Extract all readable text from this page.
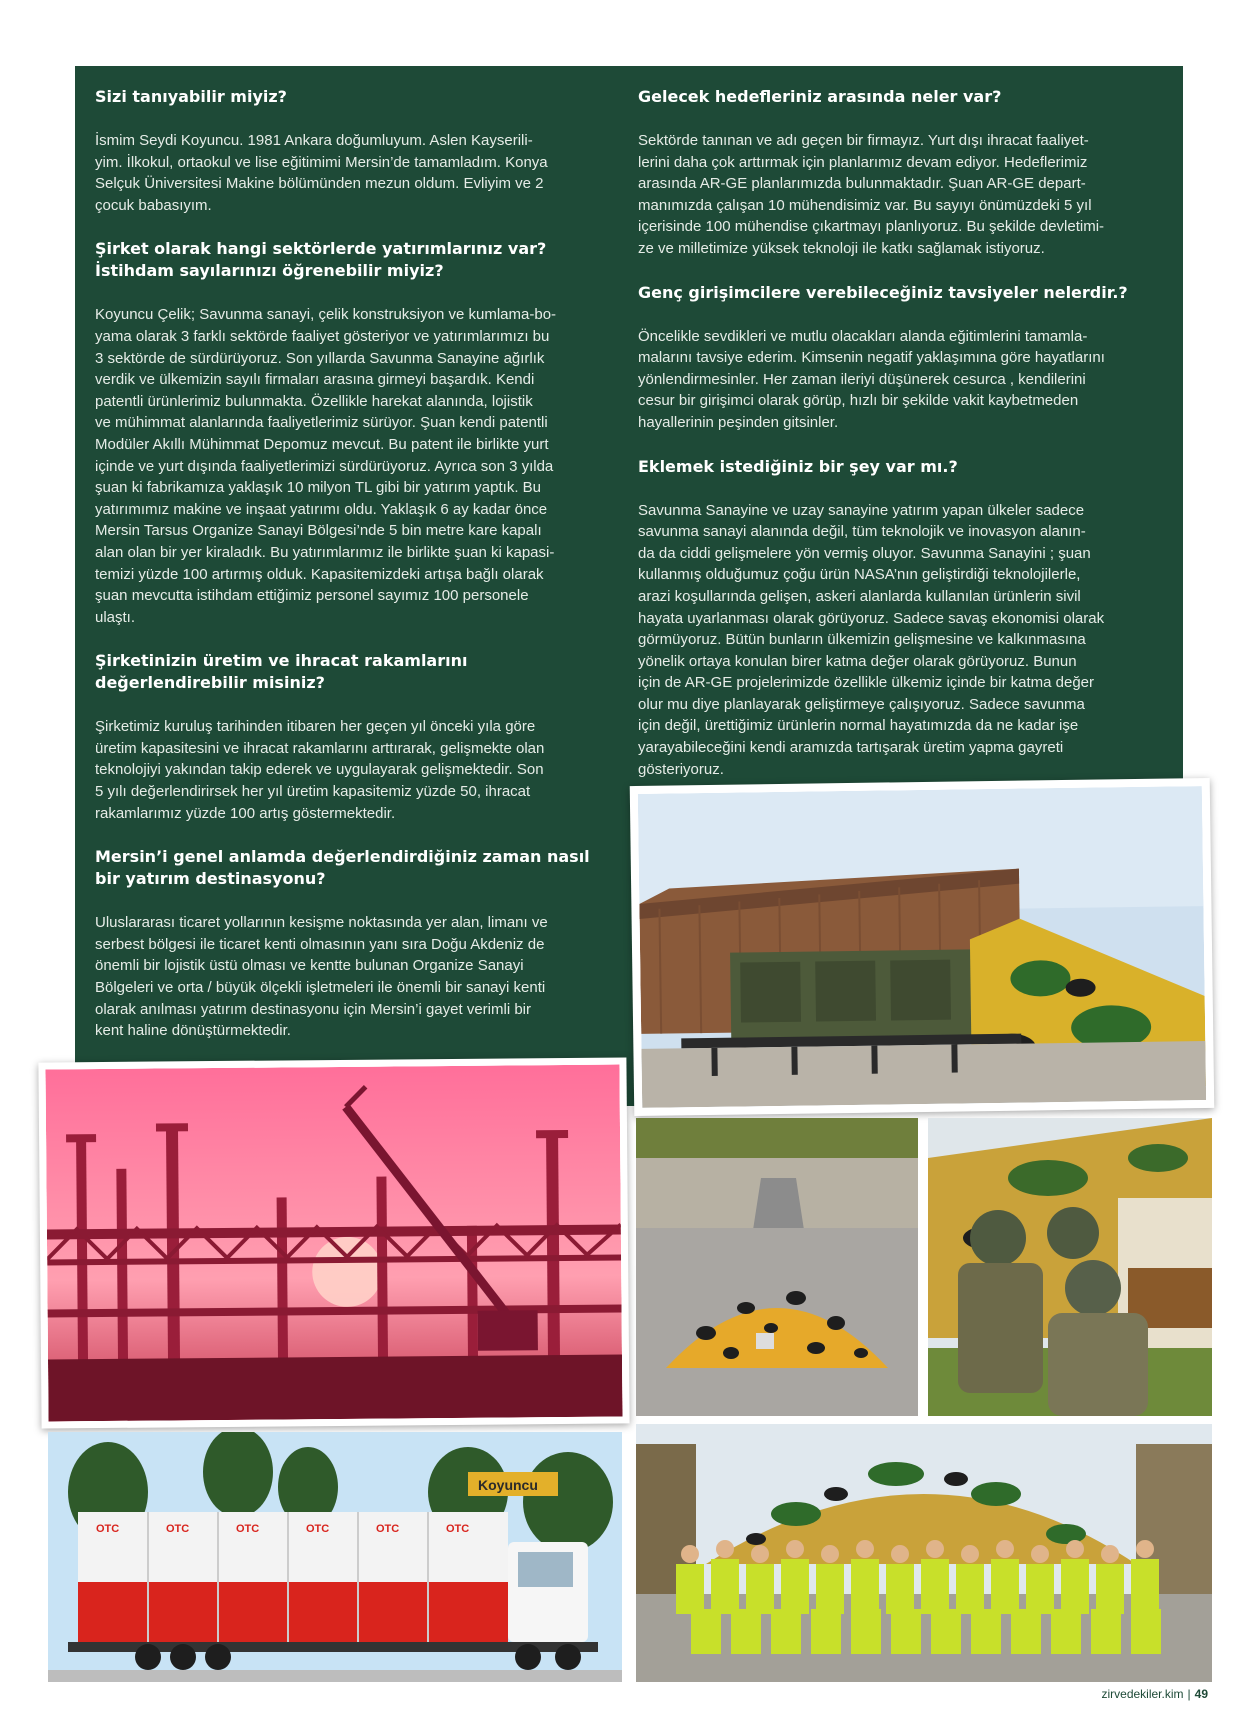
Sizi tanıyabilir miyiz?

İsmim Seydi Koyuncu. 1981 Ankara doğumluyum. Aslen Kayserili-
yim. İlkokul, ortaokul ve lise eğitimimi Mersin’de tamamladım. Konya
Selçuk Üniversitesi Makine bölümünden mezun oldum. Evliyim ve 2
çocuk babasıyım.

Şirket olarak hangi sektörlerde yatırımlarınız var?
İstihdam sayılarınızı öğrenebilir miyiz?

Koyuncu Çelik; Savunma sanayi, çelik konstruksiyon ve kumlama-bo-
yama olarak 3 farklı sektörde faaliyet gösteriyor ve yatırımlarımızı bu
3 sektörde de sürdürüyoruz. Son yıllarda Savunma Sanayine ağırlık
verdik ve ülkemizin sayılı firmaları arasına girmeyi başardık. Kendi
patentli ürünlerimiz bulunmakta. Özellikle harekat alanında, lojistik
ve mühimmat alanlarında faaliyetlerimiz sürüyor. Şuan kendi patentli
Modüler Akıllı Mühimmat Depomuz mevcut. Bu patent ile birlikte yurt
içinde ve yurt dışında faaliyetlerimizi sürdürüyoruz. Ayrıca son 3 yılda
şuan ki fabrikamıza yaklaşık 10 milyon TL gibi bir yatırım yaptık. Bu
yatırımımız makine ve inşaat yatırımı oldu. Yaklaşık 6 ay kadar önce
Mersin Tarsus Organize Sanayi Bölgesi’nde 5 bin metre kare kapalı
alan olan bir yer kiraladık. Bu yatırımlarımız ile birlikte şuan ki kapasi-
temizi yüzde 100 artırmış olduk. Kapasitemizdeki artışa bağlı olarak
şuan mevcutta istihdam ettiğimiz personel sayımız 100 personele
ulaştı.

Şirketinizin üretim ve ihracat rakamlarını
değerlendirebilir misiniz?

Şirketimiz kuruluş tarihinden itibaren her geçen yıl önceki yıla göre
üretim kapasitesini ve ihracat rakamlarını arttırarak, gelişmekte olan
teknolojiyi yakından takip ederek ve uygulayarak gelişmektedir. Son
5 yılı değerlendirirsek her yıl üretim kapasitemiz yüzde 50, ihracat
rakamlarımız yüzde 100 artış göstermektedir.

Mersin’i genel anlamda değerlendirdiğiniz zaman nasıl
bir yatırım destinasyonu?

Uluslararası ticaret yollarının kesişme noktasında yer alan, limanı ve
serbest bölgesi ile ticaret kenti olmasının yanı sıra Doğu Akdeniz de
önemli bir lojistik üstü olması ve kentte bulunan Organize Sanayi
Bölgeleri ve orta / büyük ölçekli işletmeleri ile önemli bir sanayi kenti
olarak anılması yatırım destinasyonu için Mersin’i gayet verimli bir
kent haline dönüştürmektedir.

Gelecek hedefleriniz arasında neler var?

Sektörde tanınan ve adı geçen bir firmayız. Yurt dışı ihracat faaliyet-
lerini daha çok arttırmak için planlarımız devam ediyor. Hedeflerimiz
arasında AR-GE planlarımızda bulunmaktadır. Şuan AR-GE depart-
manımızda çalışan 10 mühendisimiz var. Bu sayıyı önümüzdeki 5 yıl
içerisinde 100 mühendise çıkartmayı planlıyoruz. Bu şekilde devletimi-
ze ve milletimize yüksek teknoloji ile katkı sağlamak istiyoruz.

Genç girişimcilere verebileceğiniz tavsiyeler nelerdir.?

Öncelikle sevdikleri ve mutlu olacakları alanda eğitimlerini tamamla-
malarını tavsiye ederim. Kimsenin negatif yaklaşımına göre hayatlarını
yönlendirmesinler. Her zaman ileriyi düşünerek cesurca , kendilerini
cesur bir girişimci olarak görüp, hızlı bir şekilde vakit kaybetmeden
hayallerinin peşinden gitsinler.

Eklemek istediğiniz bir şey var mı.?

Savunma Sanayine ve uzay sanayine yatırım yapan ülkeler sadece
savunma sanayi alanında değil, tüm teknolojik ve inovasyon alanın-
da da ciddi gelişmelere yön vermiş oluyor. Savunma Sanayini ; şuan
kullanmış olduğumuz çoğu ürün NASA’nın geliştirdiği teknolojilerle,
arazi koşullarında gelişen, askeri alanlarda kullanılan ürünlerin sivil
hayata uyarlanması olarak görüyoruz. Sadece savaş ekonomisi olarak
görmüyoruz. Bütün bunların ülkemizin gelişmesine ve kalkınmasına
yönelik ortaya konulan birer katma değer olarak görüyoruz. Bunun
için de AR-GE projelerimizde özellikle ülkemiz içinde bir katma değer
olur mu diye planlayarak geliştirmeye çalışıyoruz. Sadece savunma
için değil, ürettiğimiz ürünlerin normal hayatımızda da ne kadar işe
yarayabileceğini kendi aramızda tartışarak üretim yapma gayreti
gösteriyoruz.

Koyuncu
OTC	OTC	OTC	OTC	OTC	OTC
zirvedekiler.kim | 49
